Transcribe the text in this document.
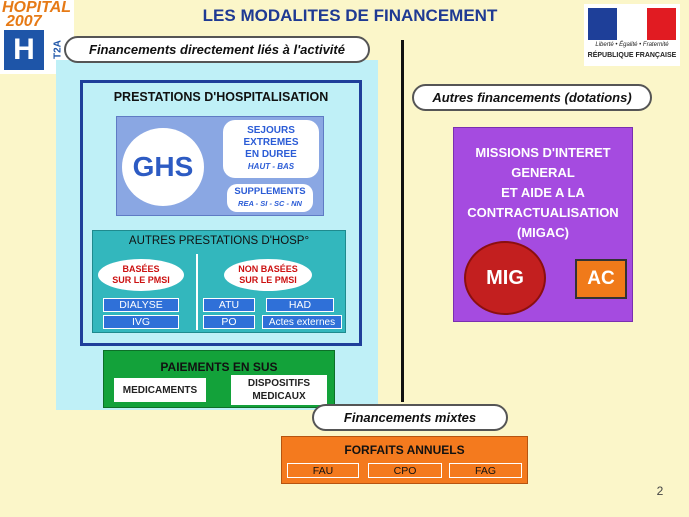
HOPITAL
2007
H	T2A
LES MODALITES DE FINANCEMENT
Liberté • Égalité • Fraternité
RÉPUBLIQUE FRANÇAISE
Financements directement liés à l'activité
PRESTATIONS D'HOSPITALISATION
GHS
SEJOURS
EXTREMES
EN DUREE
HAUT - BAS
SUPPLEMENTS
REA - SI - SC - NN
AUTRES PRESTATIONS D'HOSP°
BASÉES
SUR LE PMSI
NON BASÉES
SUR LE PMSI
DIALYSE
IVG
ATU	HAD
PO	Actes externes
PAIEMENTS EN SUS
MEDICAMENTS
DISPOSITIFS
MEDICAUX
Autres financements (dotations)
MISSIONS D'INTERET
GENERAL
ET AIDE A LA
CONTRACTUALISATION
(MIGAC)
MIG	AC
Financements mixtes
FORFAITS ANNUELS
FAU	CPO	FAG
2
